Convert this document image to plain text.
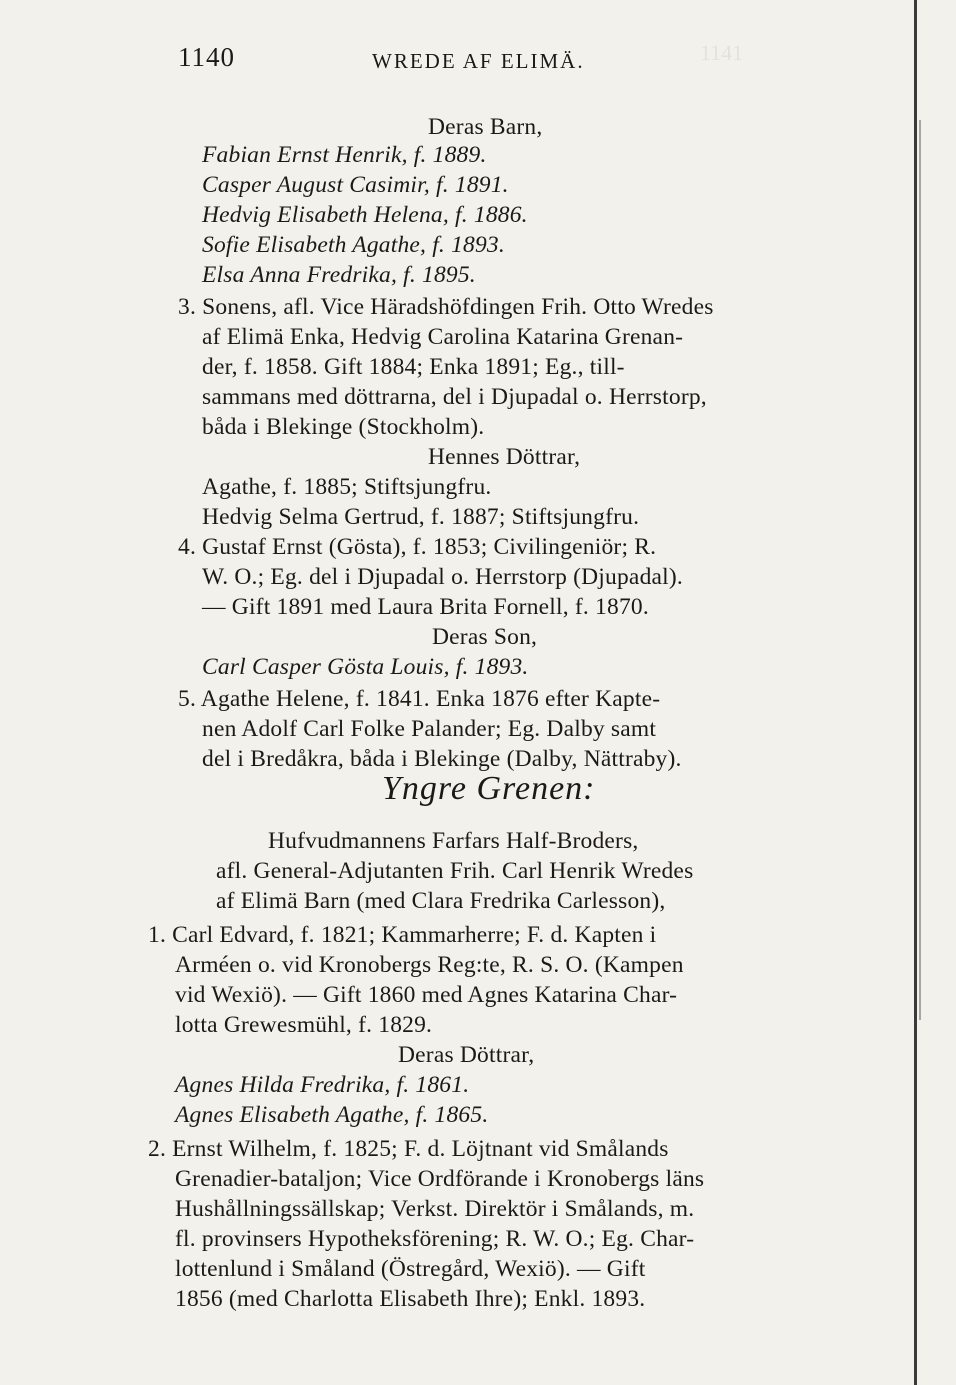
1141
1140	WREDE AF ELIMÄ.
Deras Barn,
Fabian Ernst Henrik, f. 1889.
Casper August Casimir, f. 1891.
Hedvig Elisabeth Helena, f. 1886.
Sofie Elisabeth Agathe, f. 1893.
Elsa Anna Fredrika, f. 1895.
3. Sonens, afl. Vice Häradshöfdingen Frih. Otto Wredes
af Elimä Enka, Hedvig Carolina Katarina Grenan-
der, f. 1858. Gift 1884; Enka 1891; Eg., till-
sammans med döttrarna, del i Djupadal o. Herrstorp,
båda i Blekinge (Stockholm).
Hennes Döttrar,
Agathe, f. 1885; Stiftsjungfru.
Hedvig Selma Gertrud, f. 1887; Stiftsjungfru.
4. Gustaf Ernst (Gösta), f. 1853; Civilingeniör; R.
W. O.; Eg. del i Djupadal o. Herrstorp (Djupadal).
— Gift 1891 med Laura Brita Fornell, f. 1870.
Deras Son,
Carl Casper Gösta Louis, f. 1893.
5. Agathe Helene, f. 1841. Enka 1876 efter Kapte-
nen Adolf Carl Folke Palander; Eg. Dalby samt
del i Bredåkra, båda i Blekinge (Dalby, Nättraby).
Yngre Grenen:
Hufvudmannens Farfars Half-Broders,
afl. General-Adjutanten Frih. Carl Henrik Wredes
af Elimä Barn (med Clara Fredrika Carlesson),
1. Carl Edvard, f. 1821; Kammarherre; F. d. Kapten i
Arméen o. vid Kronobergs Reg:te, R. S. O. (Kampen
vid Wexiö). — Gift 1860 med Agnes Katarina Char-
lotta Grewesmühl, f. 1829.
Deras Döttrar,
Agnes Hilda Fredrika, f. 1861.
Agnes Elisabeth Agathe, f. 1865.
2. Ernst Wilhelm, f. 1825; F. d. Löjtnant vid Smålands
Grenadier-bataljon; Vice Ordförande i Kronobergs läns
Hushållningssällskap; Verkst. Direktör i Smålands, m.
fl. provinsers Hypotheksförening; R. W. O.; Eg. Char-
lottenlund i Småland (Östregård, Wexiö). — Gift
1856 (med Charlotta Elisabeth Ihre); Enkl. 1893.
